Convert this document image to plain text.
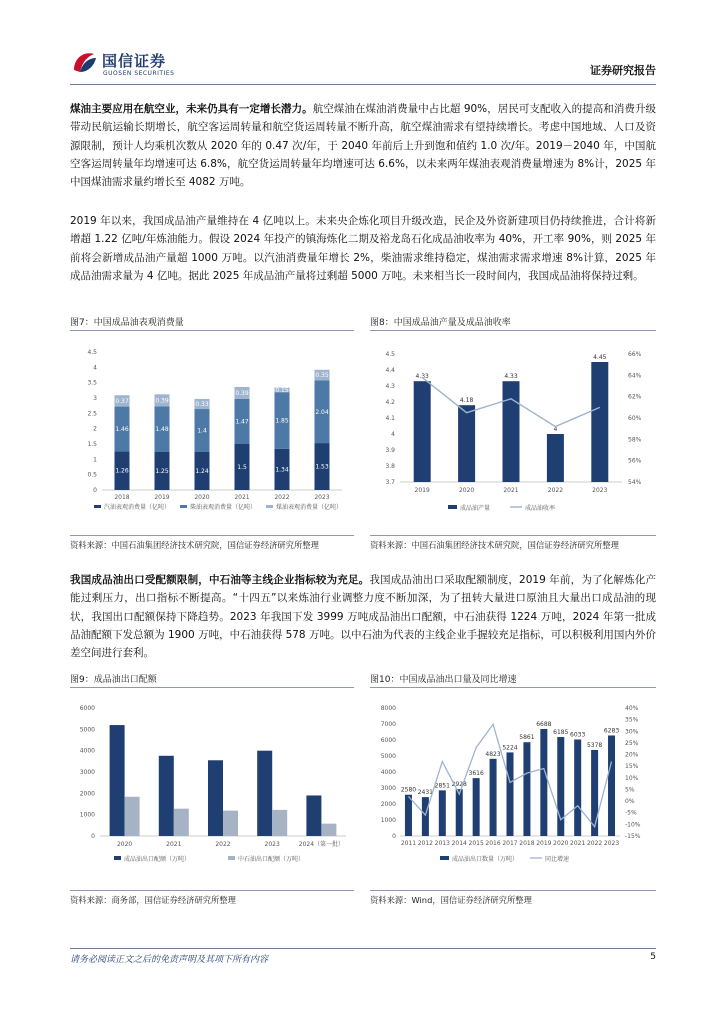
国信证券
GUOSEN SECURITIES	证券研究报告
煤油主要应用在航空业，未来仍具有一定增长潜力。航空煤油在煤油消费量中占比超 90%，居民可支配收入的提高和消费升级带动民航运输长期增长，航空客运周转量和航空货运周转量不断升高，航空煤油需求有望持续增长。考虑中国地域、人口及资源限制，预计人均乘机次数从 2020 年的 0.47 次/年，于 2040 年前后上升到饱和值约 1.0 次/年。2019－2040 年，中国航空客运周转量年均增速可达 6.8%，航空货运周转量年均增速可达 6.6%，以未来两年煤油表观消费量增速为 8%计，2025 年中国煤油需求量约增长至 4082 万吨。
2019 年以来，我国成品油产量维持在 4 亿吨以上。未来央企炼化项目升级改造，民企及外资新建项目仍持续推进，合计将新增超 1.22 亿吨/年炼油能力。假设 2024 年投产的镇海炼化二期及裕龙岛石化成品油收率为 40%，开工率 90%，则 2025 年前将会新增成品油产量超 1000 万吨。以汽油消费量年增长 2%，柴油需求维持稳定，煤油需求需求增速 8%计算，2025 年成品油需求量为 4 亿吨。据此 2025 年成品油产量将过剩超 5000 万吨。未来相当长一段时间内，我国成品油将保持过剩。
图7：中国成品油表观消费量	图8：中国成品油产量及成品油收率
0
0.5
1
1.5
2
2.5
3
3.5
4
4.5
1.26
1.46
0.37
2018
1.25
1.48
0.39
2019
1.24
1.4
0.33
2020
1.5
1.47
0.39
2021
1.34
1.85
0.15
2022
1.53
2.04
0.35
2023
汽油表观消费量（亿吨）	柴油表观消费量（亿吨）	煤油表观消费量（亿吨）
3.7
3.8
3.9
4
4.1
4.2
4.3
4.4
4.5
54%
56%
58%
60%
62%
64%
66%
4.33
2019
4.18
2020
4.33
2021
4
2022
4.45
2023
成品油产量	成品油收率
资料来源：中国石油集团经济技术研究院，国信证券经济研究所整理	资料来源：中国石油集团经济技术研究院，国信证券经济研究所整理
我国成品油出口受配额限制，中石油等主线企业指标较为充足。我国成品油出口采取配额制度，2019 年前，为了化解炼化产能过剩压力，出口指标不断提高。“十四五”以来炼油行业调整力度不断加深，为了扭转大量进口原油且大量出口成品油的现状，我国出口配额保持下降趋势。2023 年我国下发 3999 万吨成品油出口配额，中石油获得 1224 万吨，2024 年第一批成品油配额下发总额为 1900 万吨，中石油获得 578 万吨。以中石油为代表的主线企业手握较充足指标，可以积极利用国内外价差空间进行套利。
图9：成品油出口配额	图10：中国成品油出口量及同比增速
0
1000
2000
3000
4000
5000
6000
2020	2021	2022	2023	2024（第一批）
成品油出口配额（万吨）	中石油出口配额（万吨）
0
1000
2000
3000
4000
5000
6000
7000
8000
-15%
-10%
-5%
0%
5%
10%
15%
20%
25%
30%
35%
40%
2580
2011
2431
2012
2851
2013
2928
2014
3616
2015
4823
2016
5224
2017
5861
2018
6688
2019
6185
2020
6033
2021
5378
2022
6283
2023
成品油出口数量（万吨）	同比增速
资料来源：商务部，国信证券经济研究所整理	资料来源：Wind，国信证券经济研究所整理
请务必阅读正文之后的免责声明及其项下所有内容	5
